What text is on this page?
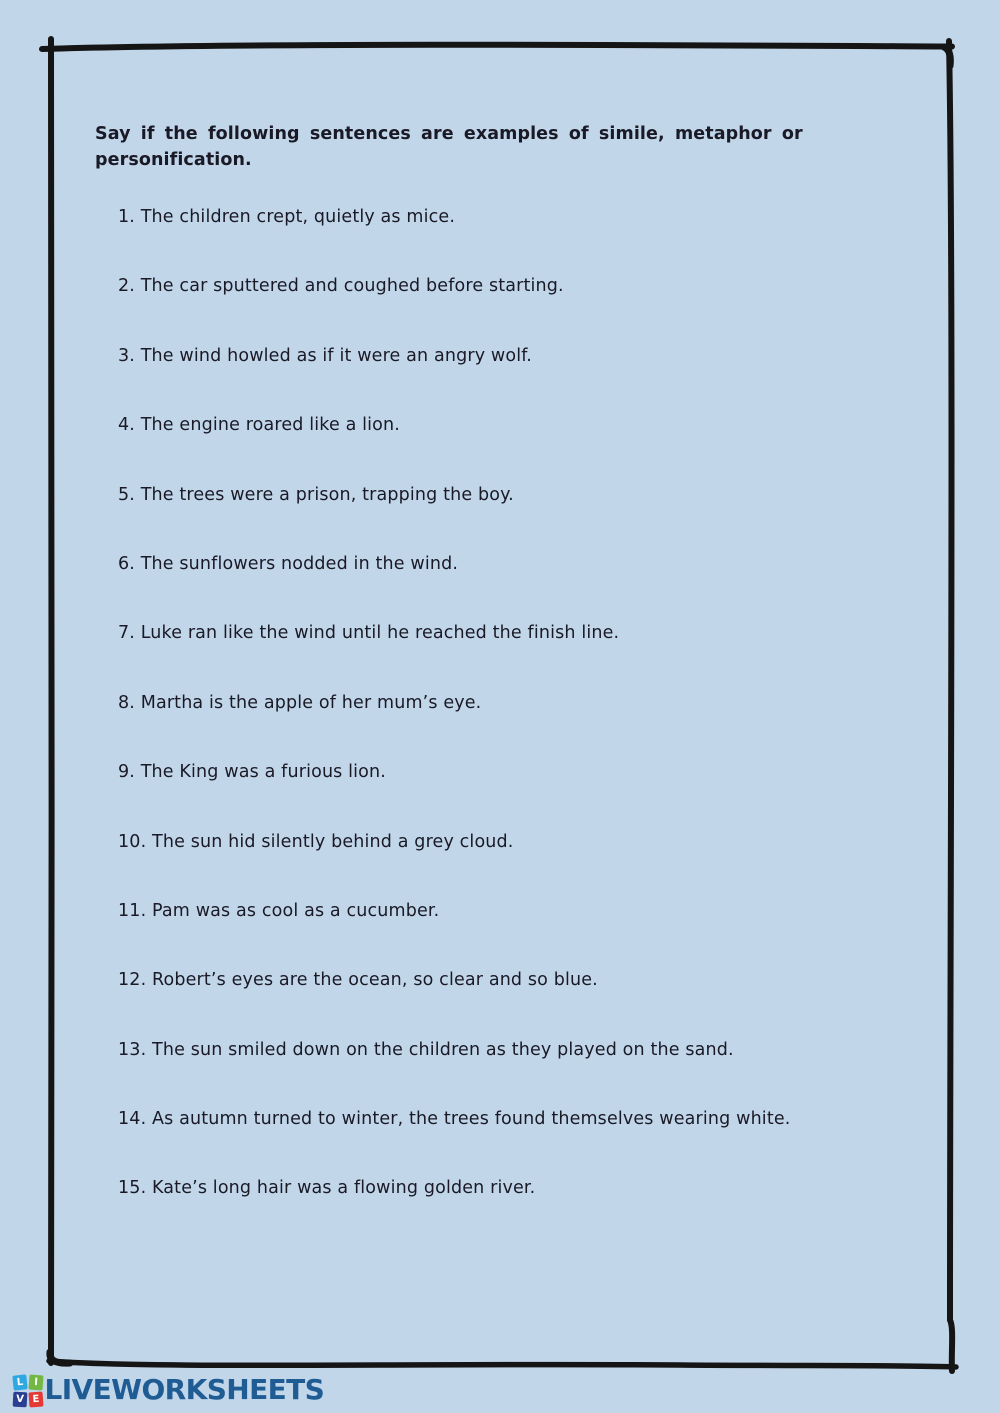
Say if the following sentences are examples of simile, metaphor or personification.
1. The children crept, quietly as mice.
2. The car sputtered and coughed before starting.
3. The wind howled as if it were an angry wolf.
4. The engine roared like a lion.
5. The trees were a prison, trapping the boy.
6. The sunflowers nodded in the wind.
7. Luke ran like the wind until he reached the finish line.
8. Martha is the apple of her mum’s eye.
9. The King was a furious lion.
10. The sun hid silently behind a grey cloud.
11. Pam was as cool as a cucumber.
12. Robert’s eyes are the ocean, so clear and so blue.
13. The sun smiled down on the children as they played on the sand.
14. As autumn turned to winter, the trees found themselves wearing white.
15. Kate’s long hair was a flowing golden river.
L I
V E LIVEWORKSHEETS
